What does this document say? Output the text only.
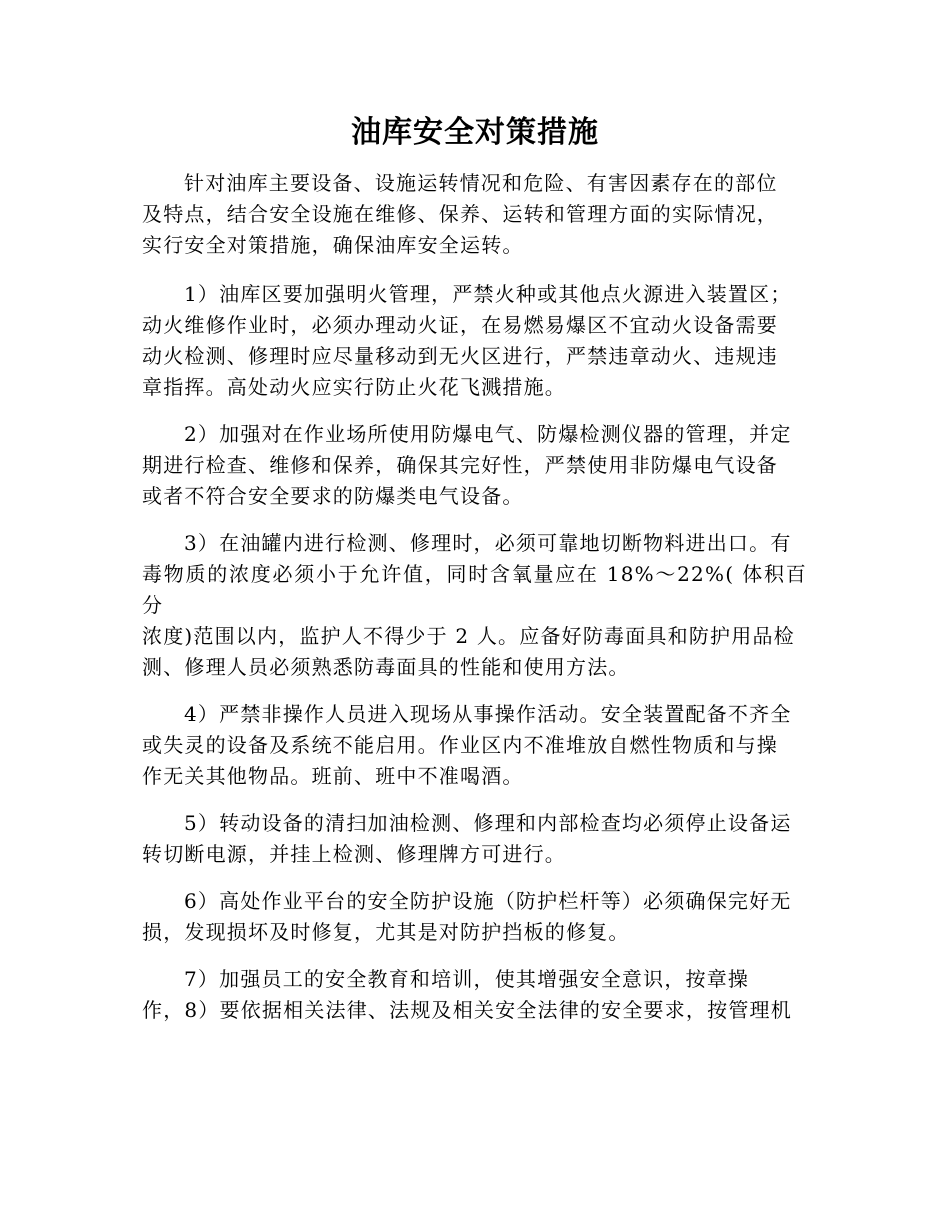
油库安全对策措施

针对油库主要设备、设施运转情况和危险、有害因素存在的部位
及特点，结合安全设施在维修、保养、运转和管理方面的实际情况，
实行安全对策措施，确保油库安全运转。

1）油库区要加强明火管理，严禁火种或其他点火源进入装置区；
动火维修作业时，必须办理动火证，在易燃易爆区不宜动火设备需要
动火检测、修理时应尽量移动到无火区进行，严禁违章动火、违规违
章指挥。高处动火应实行防止火花飞溅措施。

2）加强对在作业场所使用防爆电气、防爆检测仪器的管理，并定
期进行检查、维修和保养，确保其完好性，严禁使用非防爆电气设备
或者不符合安全要求的防爆类电气设备。

3）在油罐内进行检测、修理时，必须可靠地切断物料进出口。有
毒物质的浓度必须小于允许值，同时含氧量应在 18%～22%( 体积百分
浓度)范围以内，监护人不得少于 2 人。应备好防毒面具和防护用品检
测、修理人员必须熟悉防毒面具的性能和使用方法。

4）严禁非操作人员进入现场从事操作活动。安全装置配备不齐全
或失灵的设备及系统不能启用。作业区内不准堆放自燃性物质和与操
作无关其他物品。班前、班中不准喝酒。

5）转动设备的清扫加油检测、修理和内部检查均必须停止设备运
转切断电源，并挂上检测、修理牌方可进行。

6）高处作业平台的安全防护设施（防护栏杆等）必须确保完好无
损，发现损坏及时修复，尤其是对防护挡板的修复。

7）加强员工的安全教育和培训，使其增强安全意识，按章操
作，8）要依据相关法律、法规及相关安全法律的安全要求，按管理机
